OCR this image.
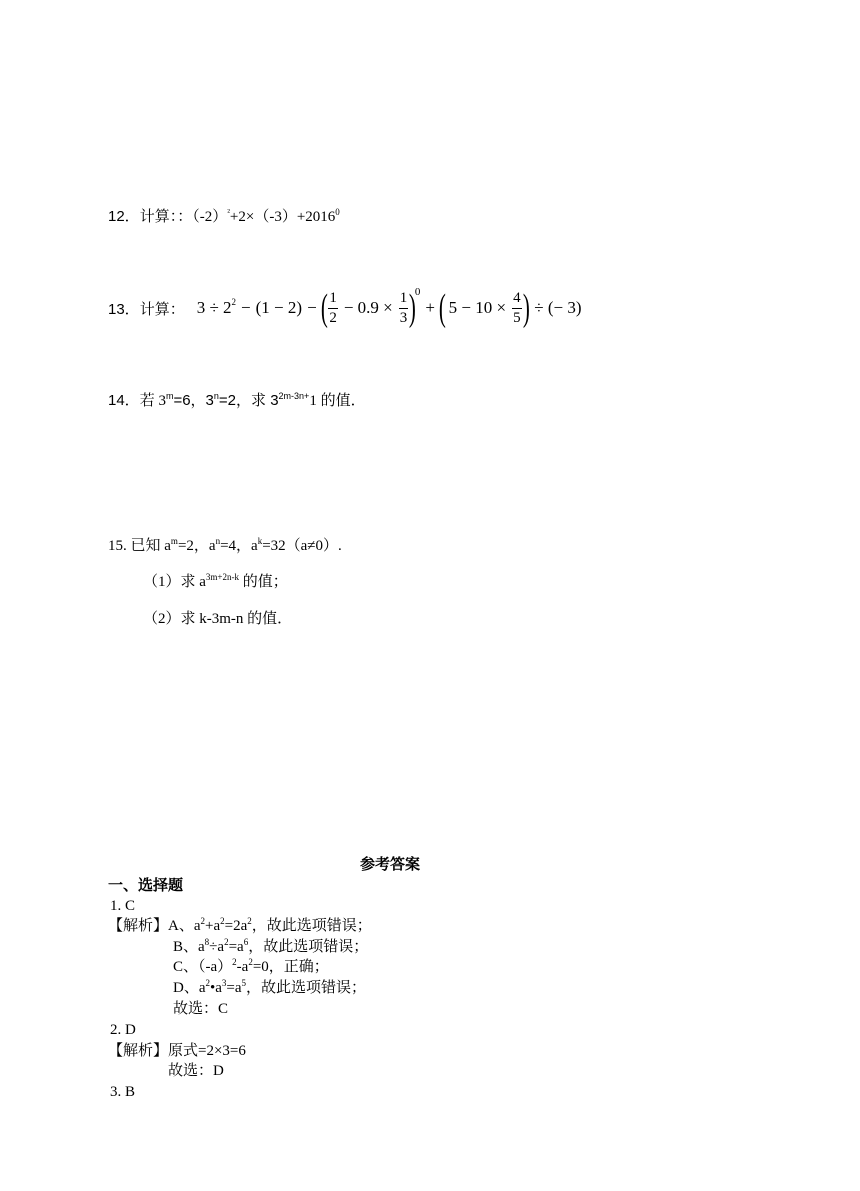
12．计算：：$(-2)^{^2}+2\times(-3)+2016^0$
13． 计算： $3 \div 2^2 - (1 - 2)$ − ( $\frac{1}{2} - 0.9 \times \frac{1}{3}$ )
$^0$
+ ( $5 - 10 \times \frac{4}{5}$ ) ÷ (− 3)
14．若 $3^m=6$，$3^n=2$，求 $3^{2m-3n+}1$ 的值．
15. 已知 $a^m=2$，$a^n=4$，$a^k=32(a\ne 0)$.
（1）求 $a^{3m+2n-k}$ 的值；
（2）求 k-3m-n 的值．
参考答案
一、选择题
1. C
【解析】A、$a^2+a^2=2a^2$，故此选项错误；
B、$a^8\div a^2=a^6$，故此选项错误；
C、$(-a)^2-a^2=0$，正确；
D、$a^2•a^3=a^5$，故此选项错误；
故选：C
2. D
【解析】原式=2×3=6
故选：D
3. B
